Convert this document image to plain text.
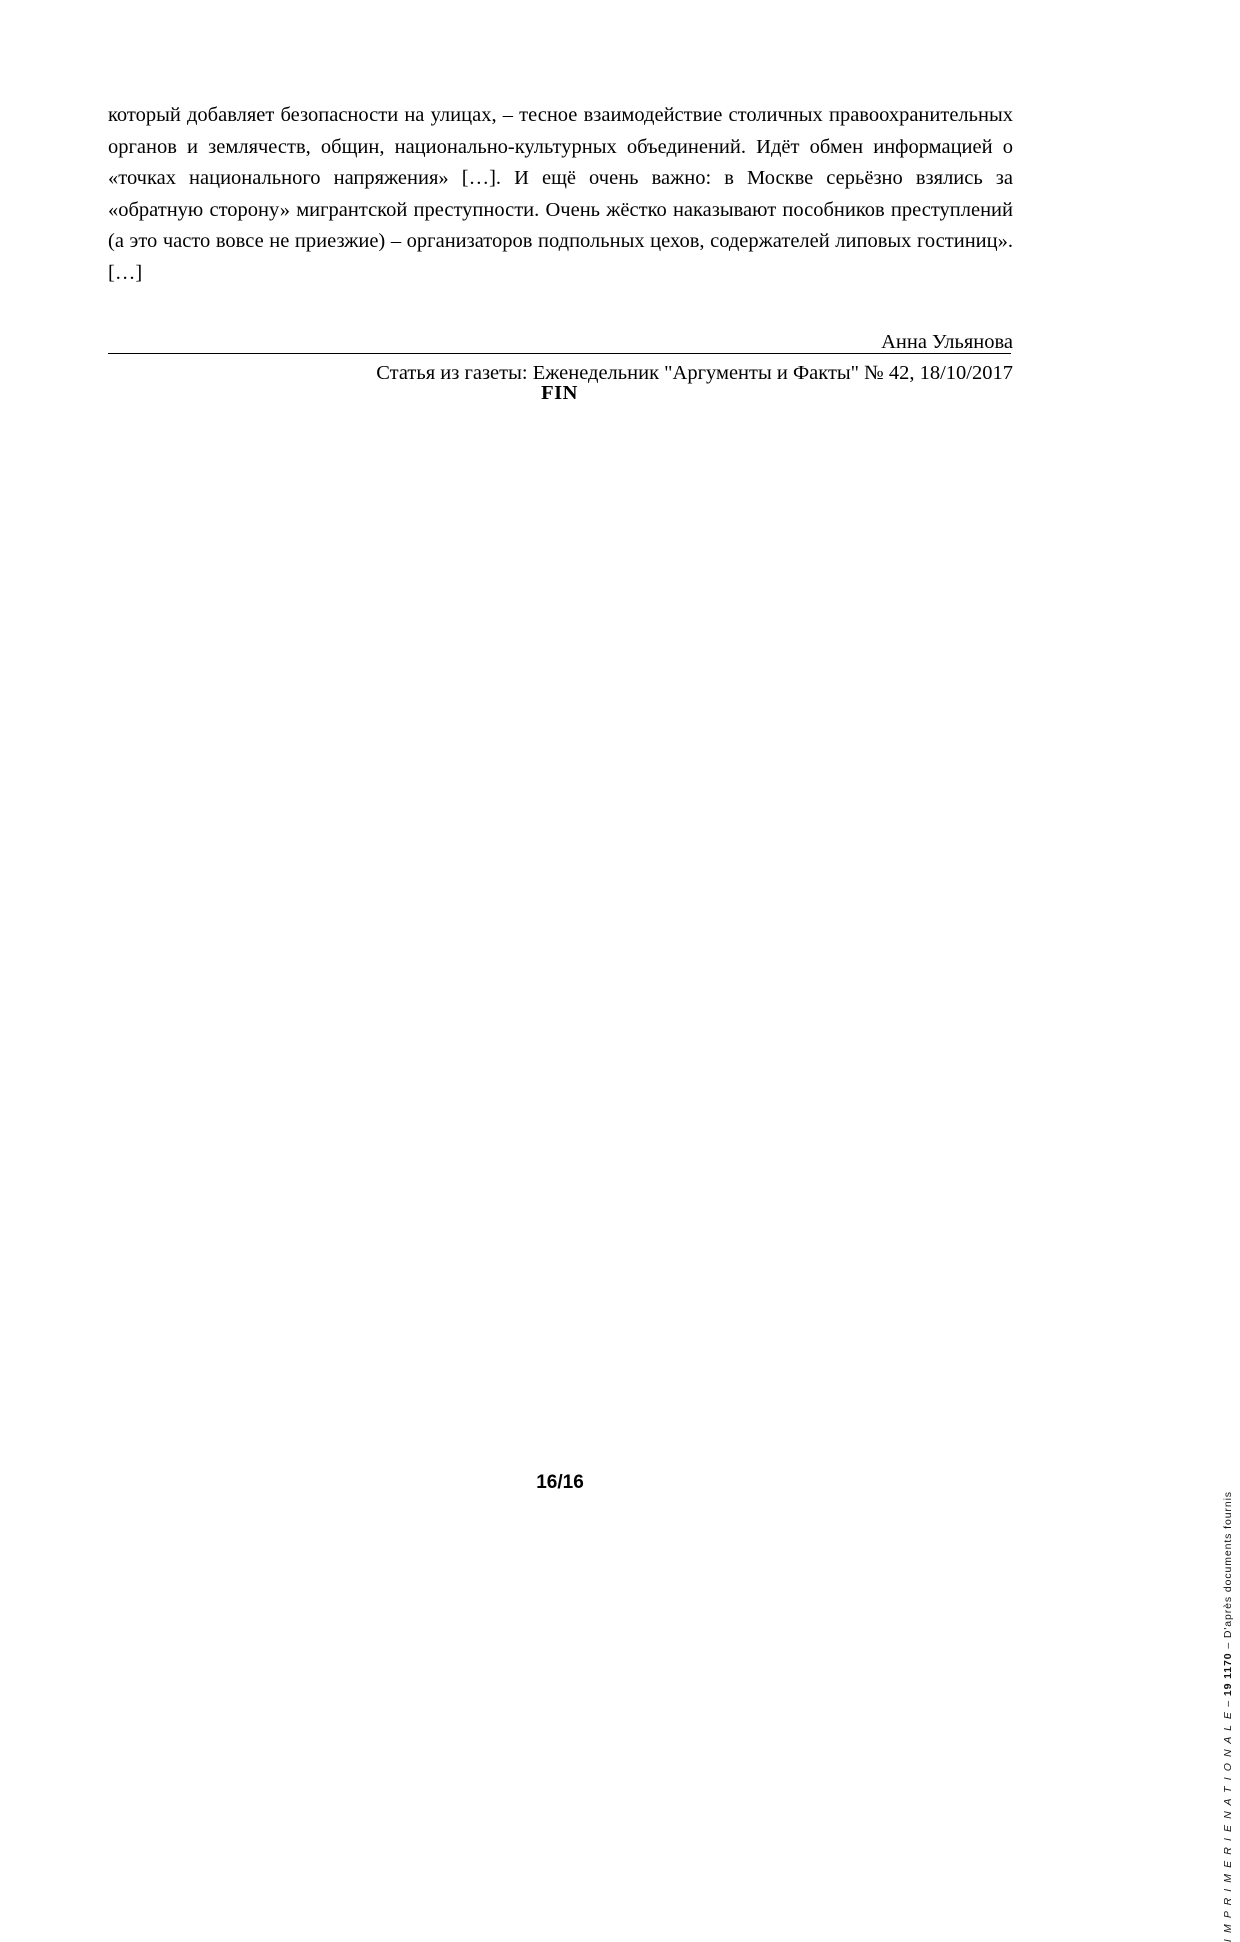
который добавляет безопасности на улицах, – тесное взаимодействие столичных правоохранительных органов и землячеств, общин, национально-культурных объединений. Идёт обмен информацией о «точках национального напряжения» […]. И ещё очень важно: в Москве серьёзно взялись за «обратную сторону» мигрантской преступности. Очень жёстко наказывают пособников преступлений (а это часто вовсе не приезжие) – организаторов подпольных цехов, содержателей липовых гостиниц». […]

Анна Ульянова
Статья из газеты: Еженедельник "Аргументы и Факты" № 42, 18/10/2017
FIN
16/16
I M P R I M E R I E N A T I O N A L E – 19 1170 – D'après documents fournis
